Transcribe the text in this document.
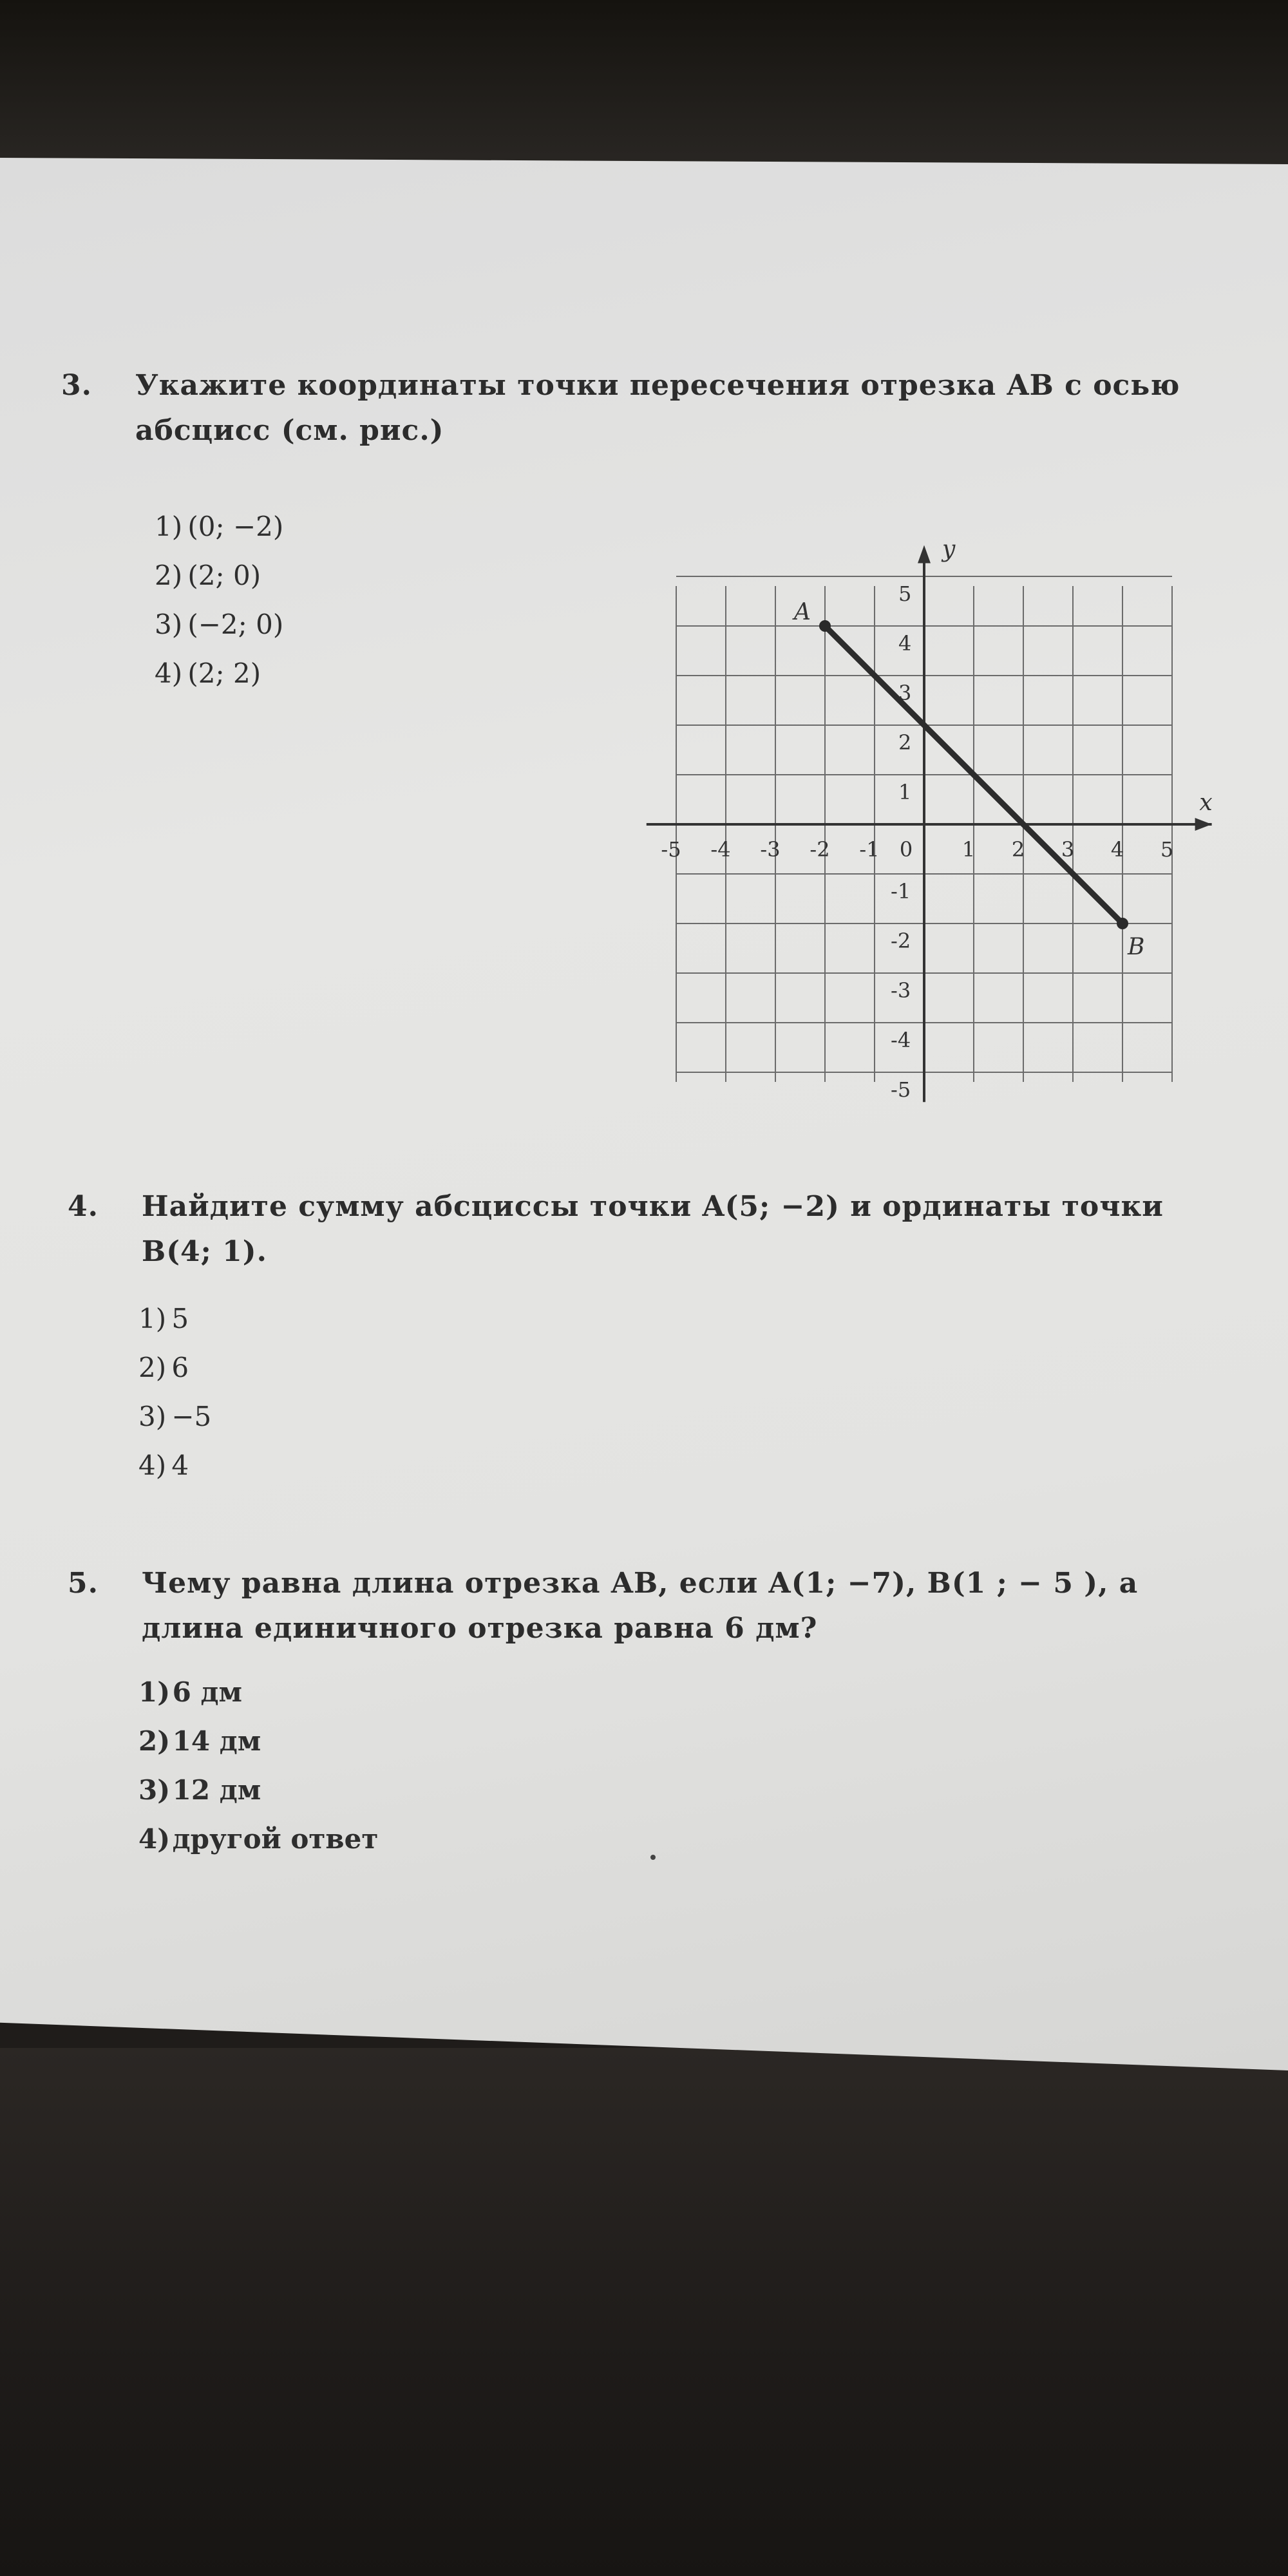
3. Укажите координаты точки пересечения отрезка AB с осью
абсцисс (см. рис.)
1) (0; −2)
2) (2; 0)
3) (−2; 0)
4) (2; 2)
x
y
-5 -4 -3 -2 -1 0 1 2 3 4 5
1
2
3
4
5
-1
-2
-3
-4
-5
A
B
4. Найдите сумму абсциссы точки A(5; −2) и ординаты точки
B(4; 1).
1) 5
2) 6
3) −5
4) 4
5. Чему равна длина отрезка AB, если A(1; −7), B(1 ; − 5 ), а
длина единичного отрезка равна 6 дм?
1) 6 дм
2) 14 дм
3) 12 дм
4) другой ответ
